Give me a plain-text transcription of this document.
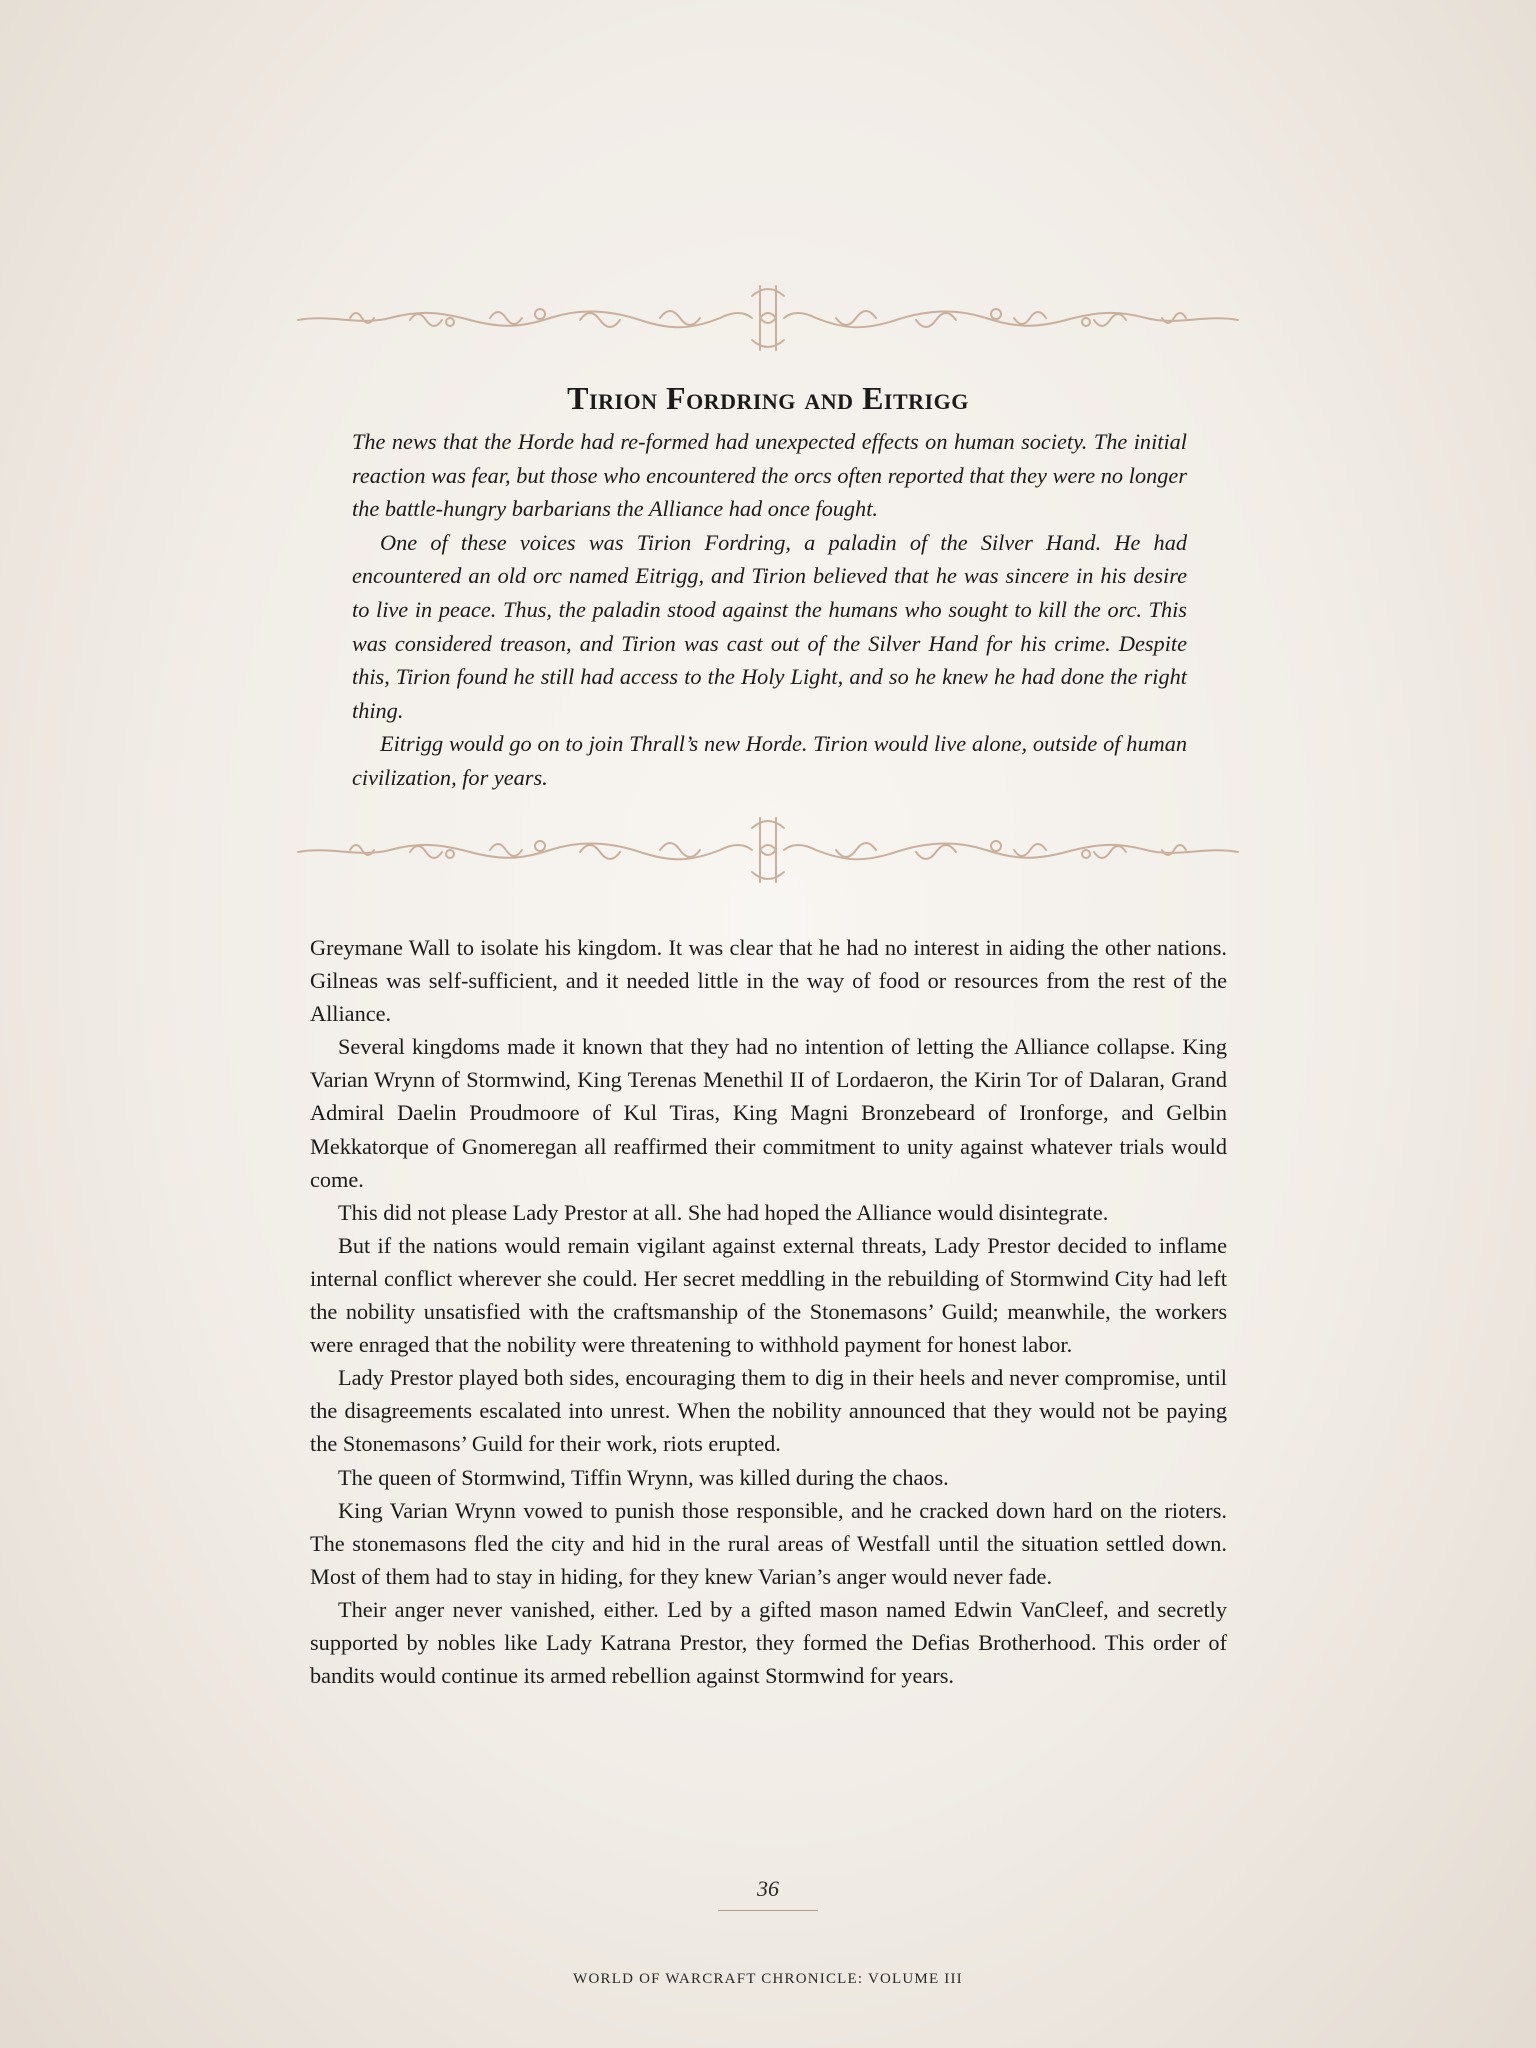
Tirion Fordring and Eitrigg

The news that the Horde had re-formed had unexpected effects on human society. The initial reaction was fear, but those who encountered the orcs often reported that they were no longer the battle-hungry barbarians the Alliance had once fought.

One of these voices was Tirion Fordring, a paladin of the Silver Hand. He had encountered an old orc named Eitrigg, and Tirion believed that he was sincere in his desire to live in peace. Thus, the paladin stood against the humans who sought to kill the orc. This was considered treason, and Tirion was cast out of the Silver Hand for his crime. Despite this, Tirion found he still had access to the Holy Light, and so he knew he had done the right thing.

Eitrigg would go on to join Thrall’s new Horde. Tirion would live alone, outside of human civilization, for years.

Greymane Wall to isolate his kingdom. It was clear that he had no interest in aiding the other nations. Gilneas was self-sufficient, and it needed little in the way of food or resources from the rest of the Alliance.

Several kingdoms made it known that they had no intention of letting the Alliance collapse. King Varian Wrynn of Stormwind, King Terenas Menethil II of Lordaeron, the Kirin Tor of Dalaran, Grand Admiral Daelin Proudmoore of Kul Tiras, King Magni Bronzebeard of Ironforge, and Gelbin Mekkatorque of Gnomeregan all reaffirmed their commitment to unity against whatever trials would come.

This did not please Lady Prestor at all. She had hoped the Alliance would disintegrate.

But if the nations would remain vigilant against external threats, Lady Prestor decided to inflame internal conflict wherever she could. Her secret meddling in the rebuilding of Stormwind City had left the nobility unsatisfied with the craftsmanship of the Stonemasons’ Guild; meanwhile, the workers were enraged that the nobility were threatening to withhold payment for honest labor.

Lady Prestor played both sides, encouraging them to dig in their heels and never compromise, until the disagreements escalated into unrest. When the nobility announced that they would not be paying the Stonemasons’ Guild for their work, riots erupted.

The queen of Stormwind, Tiffin Wrynn, was killed during the chaos.

King Varian Wrynn vowed to punish those responsible, and he cracked down hard on the rioters. The stonemasons fled the city and hid in the rural areas of Westfall until the situation settled down. Most of them had to stay in hiding, for they knew Varian’s anger would never fade.

Their anger never vanished, either. Led by a gifted mason named Edwin VanCleef, and secretly supported by nobles like Lady Katrana Prestor, they formed the Defias Brotherhood. This order of bandits would continue its armed rebellion against Stormwind for years.

36
WORLD OF WARCRAFT CHRONICLE: VOLUME III
